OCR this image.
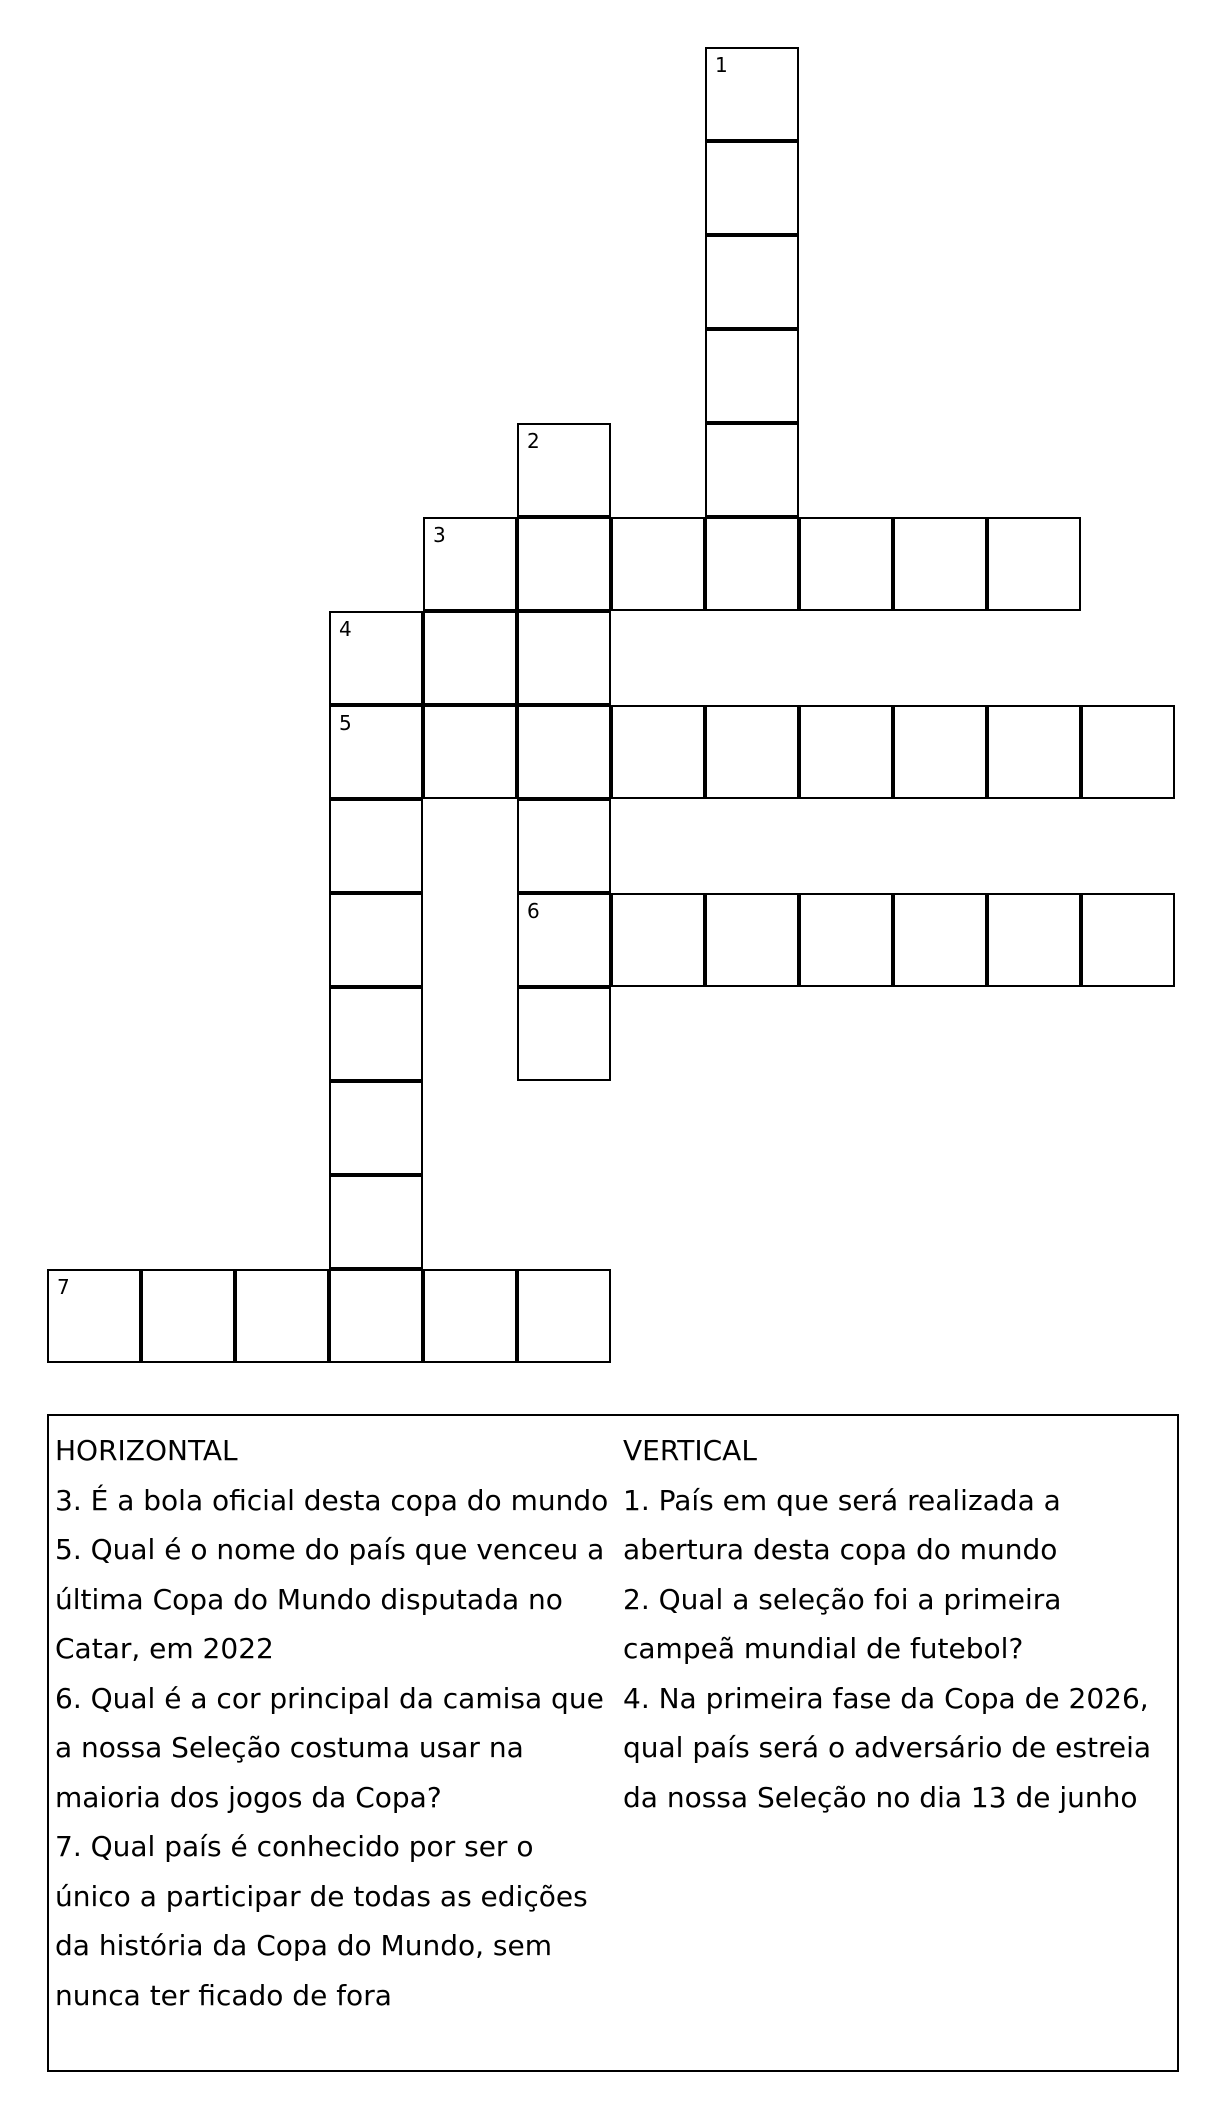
1
2
3
4
5
6
7
HORIZONTAL
3. É a bola oficial desta copa do mundo
5. Qual é o nome do país que venceu a última Copa do Mundo disputada no Catar, em 2022
6. Qual é a cor principal da camisa que a nossa Seleção costuma usar na maioria dos jogos da Copa?
7. Qual país é conhecido por ser o único a participar de todas as edições da história da Copa do Mundo, sem nunca ter ficado de fora
VERTICAL
1. País em que será realizada a abertura desta copa do mundo
2. Qual a seleção foi a primeira campeã mundial de futebol?
4. Na primeira fase da Copa de 2026, qual país será o adversário de estreia da nossa Seleção no dia 13 de junho
